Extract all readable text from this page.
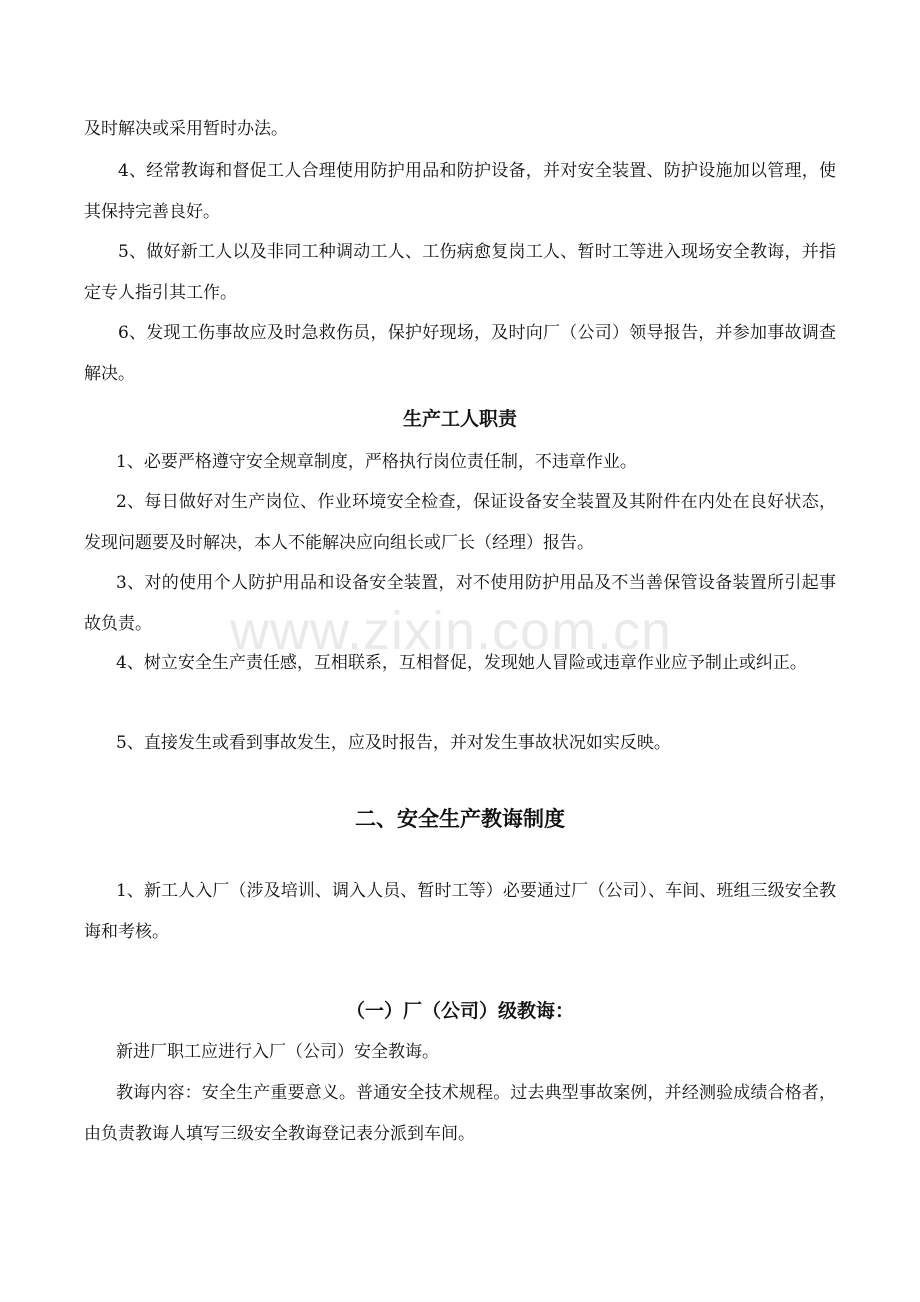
及时解决或采用暂时办法。

4、经常教诲和督促工人合理使用防护用品和防护设备，并对安全装置、防护设施加以管理，使其保持完善良好。

5、做好新工人以及非同工种调动工人、工伤病愈复岗工人、暂时工等进入现场安全教诲，并指定专人指引其工作。

6、发现工伤事故应及时急救伤员，保护好现场，及时向厂（公司）领导报告，并参加事故调查解决。

生产工人职责

1、必要严格遵守安全规章制度，严格执行岗位责任制，不违章作业。

2、每日做好对生产岗位、作业环境安全检查，保证设备安全装置及其附件在内处在良好状态，发现问题要及时解决，本人不能解决应向组长或厂长（经理）报告。

3、对的使用个人防护用品和设备安全装置，对不使用防护用品及不当善保管设备装置所引起事故负责。

4、树立安全生产责任感，互相联系，互相督促，发现她人冒险或违章作业应予制止或纠正。

5、直接发生或看到事故发生，应及时报告，并对发生事故状况如实反映。

二、安全生产教诲制度

1、新工人入厂（涉及培训、调入人员、暂时工等）必要通过厂（公司）、车间、班组三级安全教诲和考核。

（一）厂（公司）级教诲：

新进厂职工应进行入厂（公司）安全教诲。

教诲内容：安全生产重要意义。普通安全技术规程。过去典型事故案例，并经测验成绩合格者，由负责教诲人填写三级安全教诲登记表分派到车间。

www.zixin.com.cn
